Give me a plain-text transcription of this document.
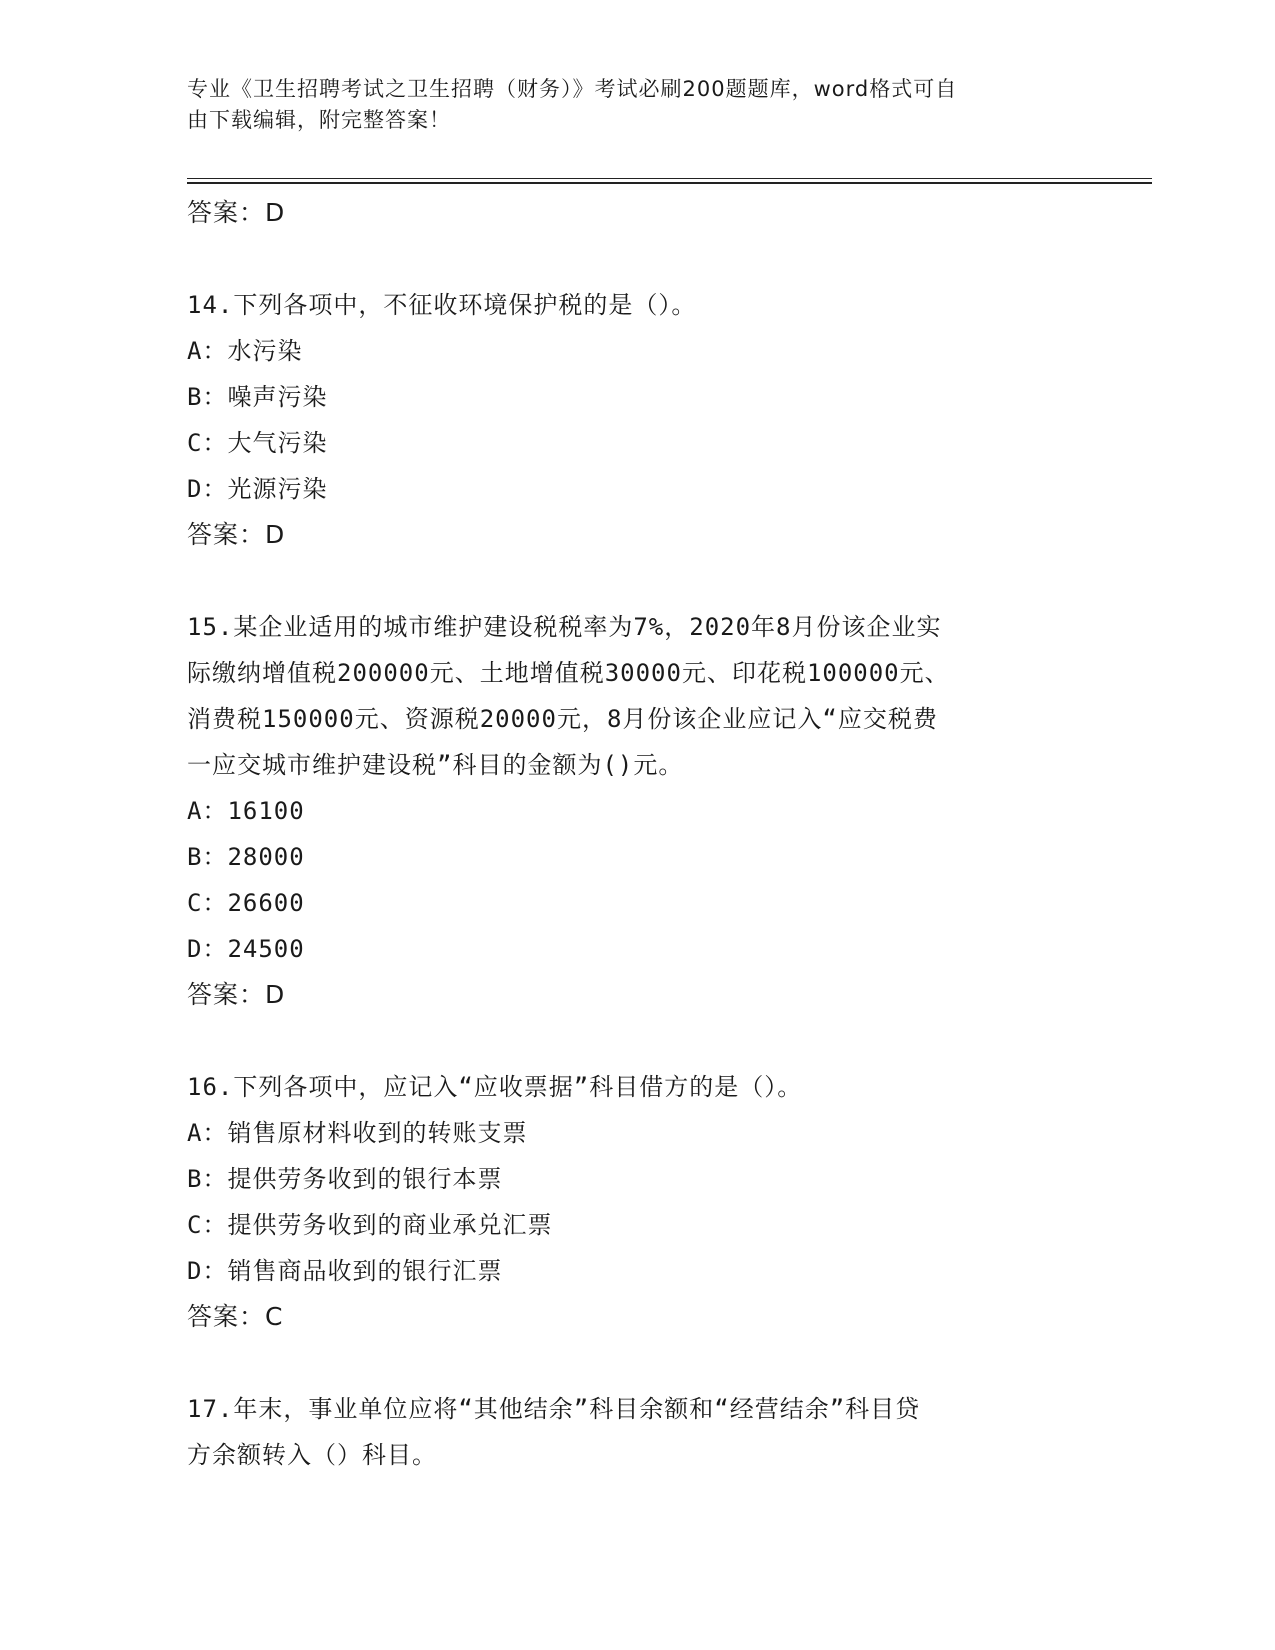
专业《卫生招聘考试之卫生招聘（财务）》考试必刷200题题库，word格式可自
由下载编辑，附完整答案！
答案：D
14.下列各项中，不征收环境保护税的是（）。
A：水污染
B：噪声污染
C：大气污染
D：光源污染
答案：D
15.某企业适用的城市维护建设税税率为7%，2020年8月份该企业实
际缴纳增值税200000元、土地增值税30000元、印花税100000元、
消费税150000元、资源税20000元，8月份该企业应记入“应交税费
一应交城市维护建设税”科目的金额为()元。
A：16100
B：28000
C：26600
D：24500
答案：D
16.下列各项中，应记入“应收票据”科目借方的是（）。
A：销售原材料收到的转账支票
B：提供劳务收到的银行本票
C：提供劳务收到的商业承兑汇票
D：销售商品收到的银行汇票
答案：C
17.年末，事业单位应将“其他结余”科目余额和“经营结余”科目贷
方余额转入（）科目。
